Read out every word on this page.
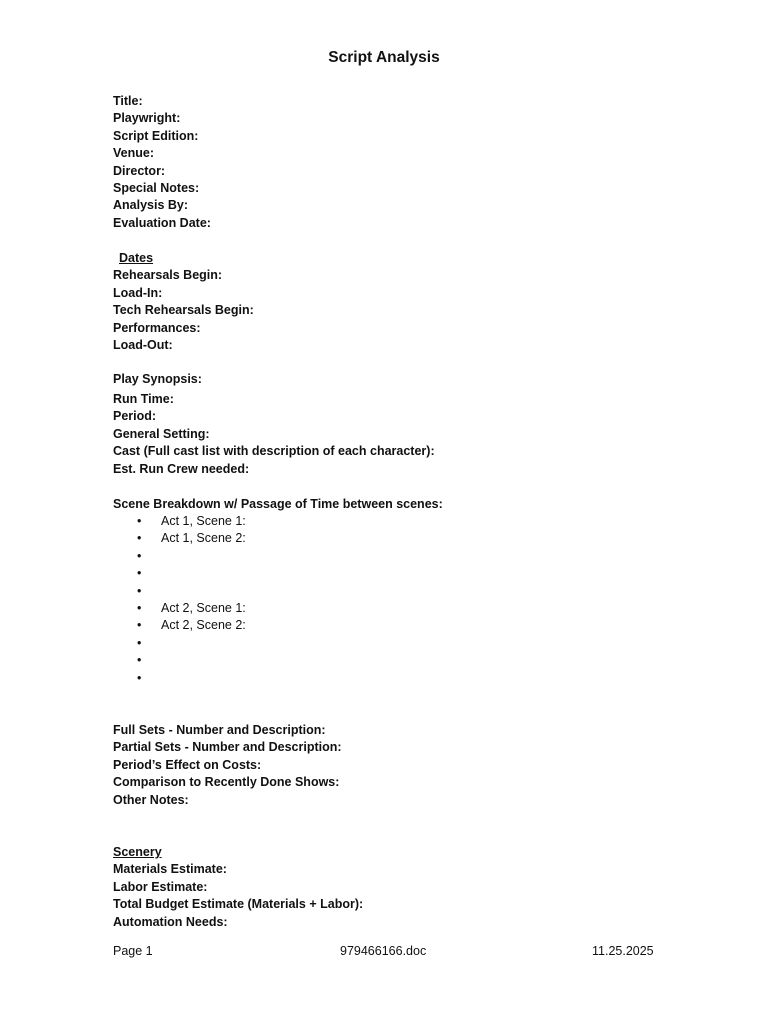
Script Analysis
Title:
Playwright:
Script Edition:
Venue:
Director:
Special Notes:
Analysis By:
Evaluation Date:
Dates
Rehearsals Begin:
Load-In:
Tech Rehearsals Begin:
Performances:
Load-Out:
Play Synopsis:
Run Time:
Period:
General Setting:
Cast (Full cast list with description of each character):
Est. Run Crew needed:
Scene Breakdown w/ Passage of Time between scenes:
• Act 1, Scene 1:
• Act 1, Scene 2:
•
•
•
• Act 2, Scene 1:
• Act 2, Scene 2:
•
•
•
Full Sets - Number and Description:
Partial Sets - Number and Description:
Period’s Effect on Costs:
Comparison to Recently Done Shows:
Other Notes:
Scenery
Materials Estimate:
Labor Estimate:
Total Budget Estimate (Materials + Labor):
Automation Needs:
Page 1	979466166.doc	11.25.2025
